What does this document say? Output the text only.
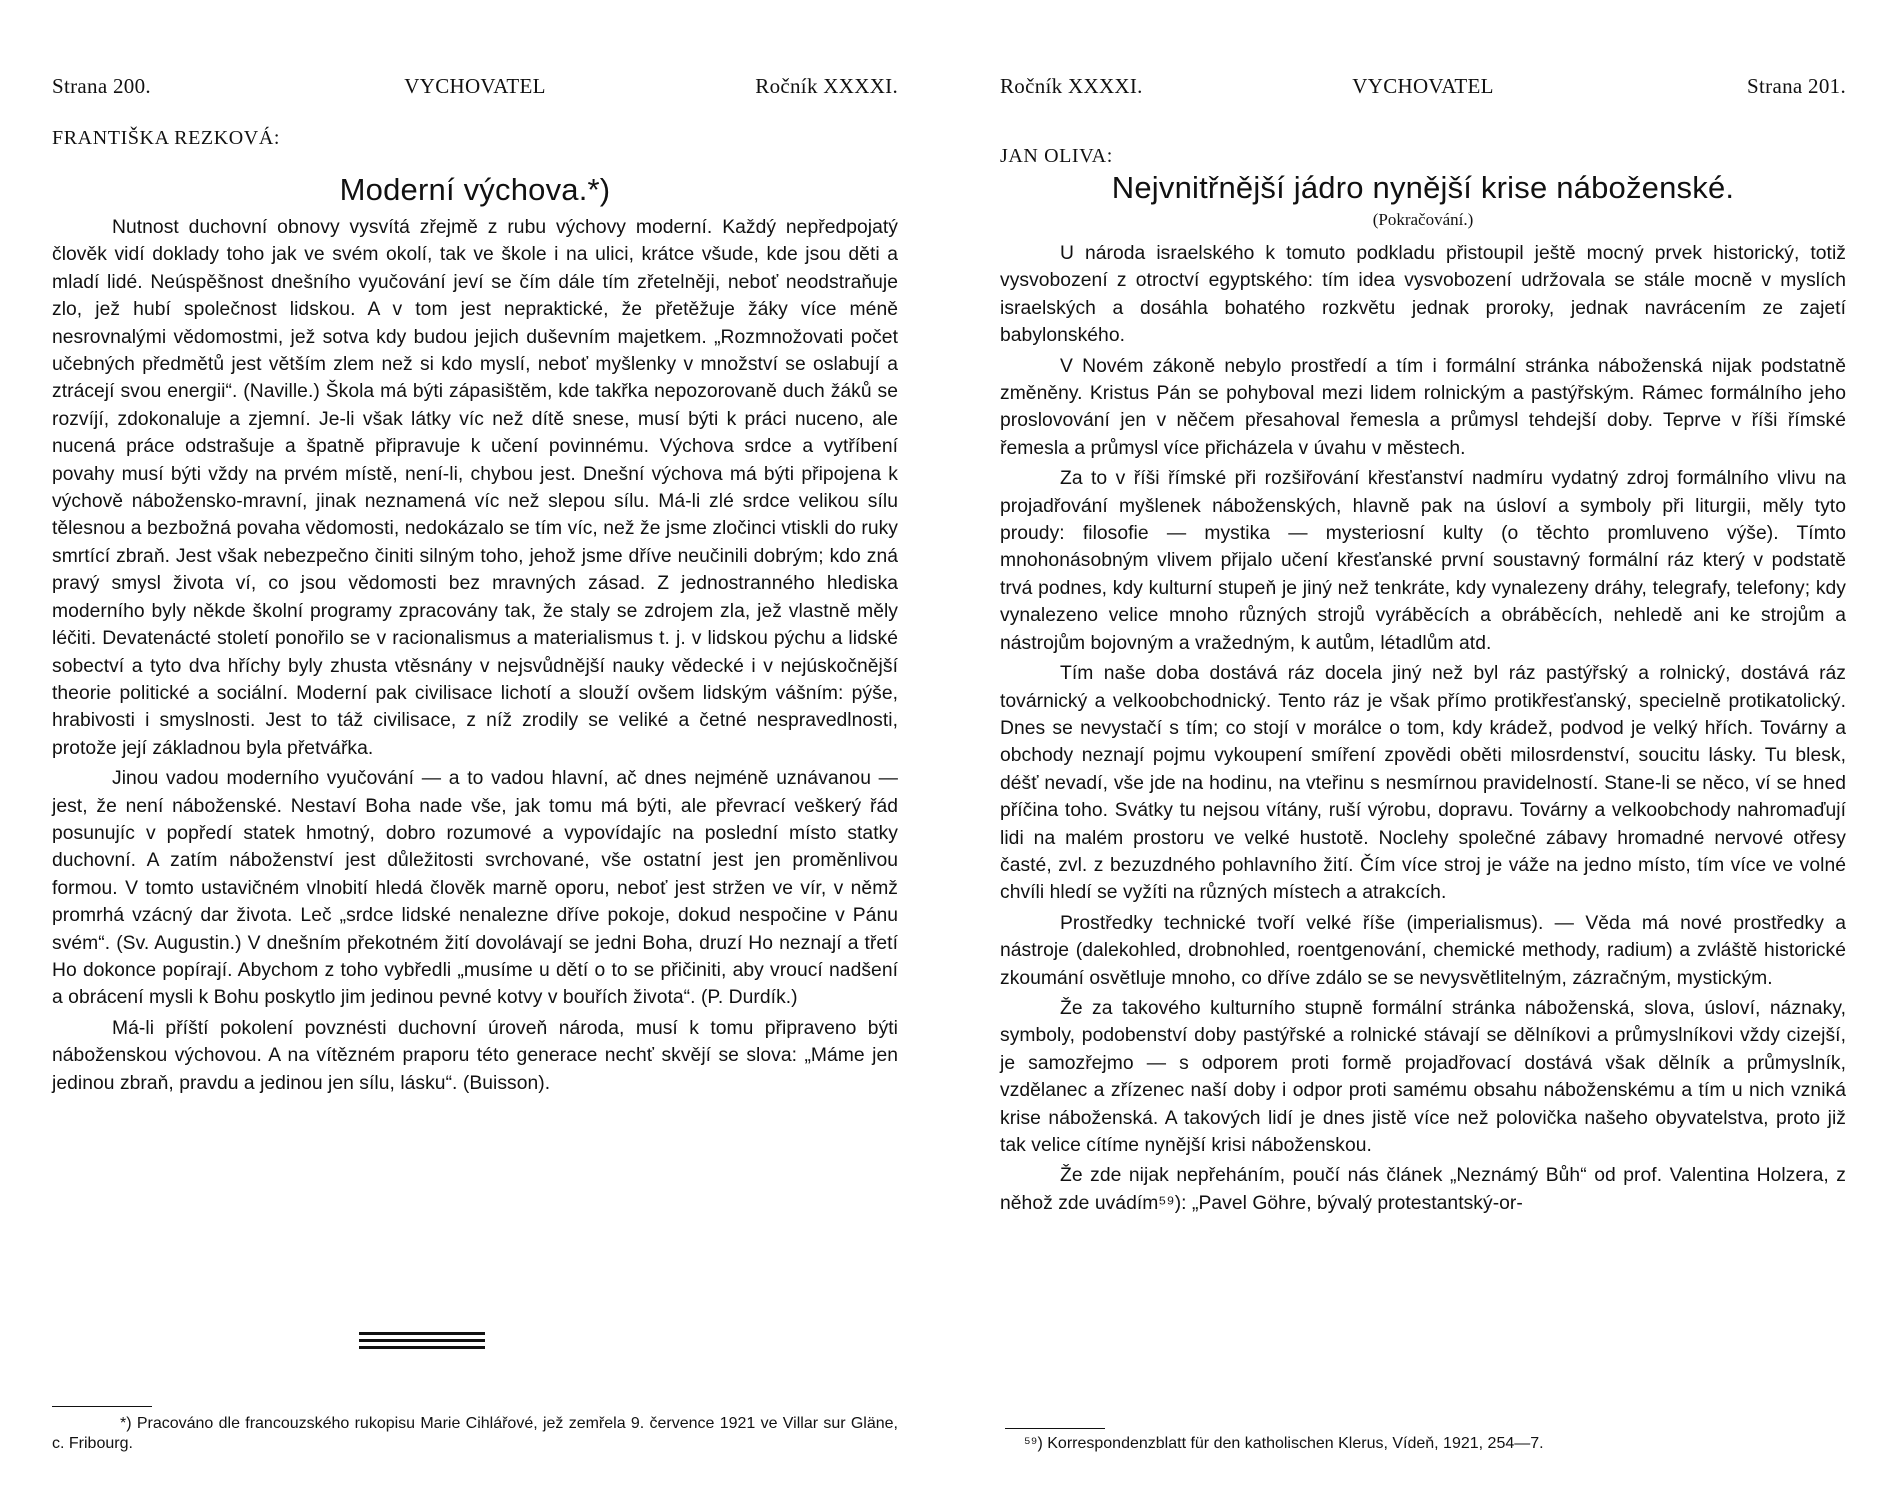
Strana 200.	VYCHOVATEL	Ročník XXXXI.
FRANTIŠKA REZKOVÁ:
Moderní výchova.*)

Nutnost duchovní obnovy vysvítá zřejmě z rubu výchovy moderní. Každý nepředpojatý člověk vidí doklady toho jak ve svém okolí, tak ve škole i na ulici, krátce všude, kde jsou děti a mladí lidé. Neúspěšnost dnešního vyučování jeví se čím dále tím zřetelněji, neboť neodstraňuje zlo, jež hubí společnost lidskou. A v tom jest nepraktické, že přetěžuje žáky více méně nesrovnalými vědomostmi, jež sotva kdy budou jejich duševním majetkem. „Rozmnožovati počet učebných předmětů jest větším zlem než si kdo myslí, neboť myšlenky v množství se oslabují a ztrácejí svou energii“. (Naville.) Škola má býti zápasištěm, kde takřka nepozorovaně duch žáků se rozvíjí, zdokonaluje a zjemní. Je-li však látky víc než dítě snese, musí býti k práci nuceno, ale nucená práce odstrašuje a špatně připravuje k učení povinnému. Výchova srdce a vytříbení povahy musí býti vždy na prvém místě, není-li, chybou jest. Dnešní výchova má býti připojena k výchově nábožensko-mravní, jinak neznamená víc než slepou sílu. Má-li zlé srdce velikou sílu tělesnou a bezbožná povaha vědomosti, nedokázalo se tím víc, než že jsme zločinci vtiskli do ruky smrtící zbraň. Jest však nebezpečno činiti silným toho, jehož jsme dříve neučinili dobrým; kdo zná pravý smysl života ví, co jsou vědomosti bez mravných zásad. Z jednostranného hlediska moderního byly někde školní programy zpracovány tak, že staly se zdrojem zla, jež vlastně měly léčiti. Devatenácté století ponořilo se v racionalismus a materialismus t. j. v lidskou pýchu a lidské sobectví a tyto dva hříchy byly zhusta vtěsnány v nejsvůdnější nauky vědecké i v nejúskočnější theorie politické a sociální. Moderní pak civilisace lichotí a slouží ovšem lidským vášním: pýše, hrabivosti i smyslnosti. Jest to táž civilisace, z níž zrodily se veliké a četné nespravedlnosti, protože její základnou byla přetvářka.

Jinou vadou moderního vyučování — a to vadou hlavní, ač dnes nejméně uznávanou — jest, že není náboženské. Nestaví Boha nade vše, jak tomu má býti, ale převrací veškerý řád posunujíc v popředí statek hmotný, dobro rozumové a vypovídajíc na poslední místo statky duchovní. A zatím náboženství jest důležitosti svrchované, vše ostatní jest jen proměnlivou formou. V tomto ustavičném vlnobití hledá člověk marně oporu, neboť jest stržen ve vír, v němž promrhá vzácný dar života. Leč „srdce lidské nenalezne dříve pokoje, dokud nespočine v Pánu svém“. (Sv. Augustin.) V dnešním překotném žití dovolávají se jedni Boha, druzí Ho neznají a třetí Ho dokonce popírají. Abychom z toho vybředli „musíme u dětí o to se přičiniti, aby vroucí nadšení a obrácení mysli k Bohu poskytlo jim jedinou pevné kotvy v bouřích života“. (P. Durdík.)

Má-li příští pokolení povznésti duchovní úroveň národa, musí k tomu připraveno býti náboženskou výchovou. A na vítězném praporu této generace nechť skvějí se slova: „Máme jen jedinou zbraň, pravdu a jedinou jen sílu, lásku“. (Buisson).

*) Pracováno dle francouzského rukopisu Marie Cihlářové, jež zemřela 9. července 1921 ve Villar sur Gläne, c. Fribourg.

Ročník XXXXI.	VYCHOVATEL	Strana 201.
JAN OLIVA:
Nejvnitřnější jádro nynější krise náboženské.
(Pokračování.)

U národa israelského k tomuto podkladu přistoupil ještě mocný prvek historický, totiž vysvobození z otroctví egyptského: tím idea vysvobození udržovala se stále mocně v myslích israelských a dosáhla bohatého rozkvětu jednak proroky, jednak navrácením ze zajetí babylonského.

V Novém zákoně nebylo prostředí a tím i formální stránka náboženská nijak podstatně změněny. Kristus Pán se pohyboval mezi lidem rolnickým a pastýřským. Rámec formálního jeho proslovování jen v něčem přesahoval řemesla a průmysl tehdejší doby. Teprve v říši římské řemesla a průmysl více přicházela v úvahu v městech.

Za to v říši římské při rozšiřování křesťanství nadmíru vydatný zdroj formálního vlivu na projadřování myšlenek náboženských, hlavně pak na úsloví a symboly při liturgii, měly tyto proudy: filosofie — mystika — mysteriosní kulty (o těchto promluveno výše). Tímto mnohonásobným vlivem přijalo učení křesťanské první soustavný formální ráz který v podstatě trvá podnes, kdy kulturní stupeň je jiný než tenkráte, kdy vynalezeny dráhy, telegrafy, telefony; kdy vynalezeno velice mnoho různých strojů vyráběcích a obráběcích, nehledě ani ke strojům a nástrojům bojovným a vražedným, k autům, létadlům atd.

Tím naše doba dostává ráz docela jiný než byl ráz pastýřský a rolnický, dostává ráz továrnický a velkoobchodnický. Tento ráz je však přímo protikřesťanský, specielně protikatolický. Dnes se nevystačí s tím; co stojí v morálce o tom, kdy krádež, podvod je velký hřích. Továrny a obchody neznají pojmu vykoupení smíření zpovědi oběti milosrdenství, soucitu lásky. Tu blesk, déšť nevadí, vše jde na hodinu, na vteřinu s nesmírnou pravidelností. Stane-li se něco, ví se hned příčina toho. Svátky tu nejsou vítány, ruší výrobu, dopravu. Továrny a velkoobchody nahromaďují lidi na malém prostoru ve velké hustotě. Noclehy společné zábavy hromadné nervové otřesy časté, zvl. z bezuzdného pohlavního žití. Čím více stroj je váže na jedno místo, tím více ve volné chvíli hledí se vyžíti na různých místech a atrakcích.

Prostředky technické tvoří velké říše (imperialismus). — Věda má nové prostředky a nástroje (dalekohled, drobnohled, roentgenování, chemické methody, radium) a zvláště historické zkoumání osvětluje mnoho, co dříve zdálo se se nevysvětlitelným, zázračným, mystickým.

Že za takového kulturního stupně formální stránka náboženská, slova, úsloví, náznaky, symboly, podobenství doby pastýřské a rolnické stávají se dělníkovi a průmyslníkovi vždy cizejší, je samozřejmo — s odporem proti formě projadřovací dostává však dělník a průmyslník, vzdělanec a zřízenec naší doby i odpor proti samému obsahu náboženskému a tím u nich vzniká krise náboženská. A takových lidí je dnes jistě více než polovička našeho obyvatelstva, proto již tak velice cítíme nynější krisi náboženskou.

Že zde nijak nepřeháním, poučí nás článek „Neznámý Bůh“ od prof. Valentina Holzera, z něhož zde uvádím⁵⁹): „Pavel Göhre, bývalý protestantský-or-

⁵⁹) Korrespondenzblatt für den katholischen Klerus, Vídeň, 1921, 254—7.
